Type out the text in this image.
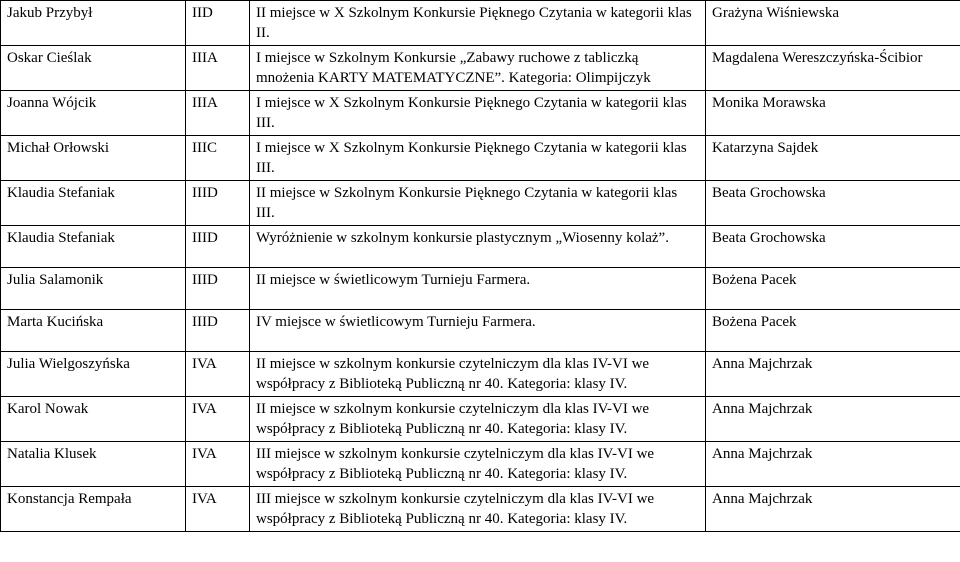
Jakub Przybył	IID	II miejsce w X Szkolnym Konkursie Pięknego Czytania w kategorii klas II.	Grażyna Wiśniewska
Oskar Cieślak	IIIA	I miejsce w Szkolnym Konkursie „Zabawy ruchowe z tabliczką mnożenia KARTY MATEMATYCZNE”. Kategoria: Olimpijczyk	Magdalena Wereszczyńska-Ścibior
Joanna Wójcik	IIIA	I miejsce w X Szkolnym Konkursie Pięknego Czytania w kategorii klas III.	Monika Morawska
Michał Orłowski	IIIC	I miejsce w X Szkolnym Konkursie Pięknego Czytania w kategorii klas III.	Katarzyna Sajdek
Klaudia Stefaniak	IIID	II miejsce w Szkolnym Konkursie Pięknego Czytania w kategorii klas III.	Beata Grochowska
Klaudia Stefaniak	IIID	Wyróżnienie w szkolnym konkursie plastycznym „Wiosenny kolaż”.	Beata Grochowska
Julia Salamonik	IIID	II miejsce w świetlicowym Turnieju Farmera.	Bożena Pacek
Marta Kucińska	IIID	IV miejsce w świetlicowym Turnieju Farmera.	Bożena Pacek
Julia Wielgoszyńska	IVA	II miejsce w szkolnym konkursie czytelniczym dla klas IV-VI we współpracy z Biblioteką Publiczną nr 40. Kategoria: klasy IV.	Anna Majchrzak
Karol Nowak	IVA	II miejsce w szkolnym konkursie czytelniczym dla klas IV-VI we współpracy z Biblioteką Publiczną nr 40. Kategoria: klasy IV.	Anna Majchrzak
Natalia Klusek	IVA	III miejsce w szkolnym konkursie czytelniczym dla klas IV-VI we współpracy z Biblioteką Publiczną nr 40. Kategoria: klasy IV.	Anna Majchrzak
Konstancja Rempała	IVA	III miejsce w szkolnym konkursie czytelniczym dla klas IV-VI we współpracy z Biblioteką Publiczną nr 40. Kategoria: klasy IV.	Anna Majchrzak
